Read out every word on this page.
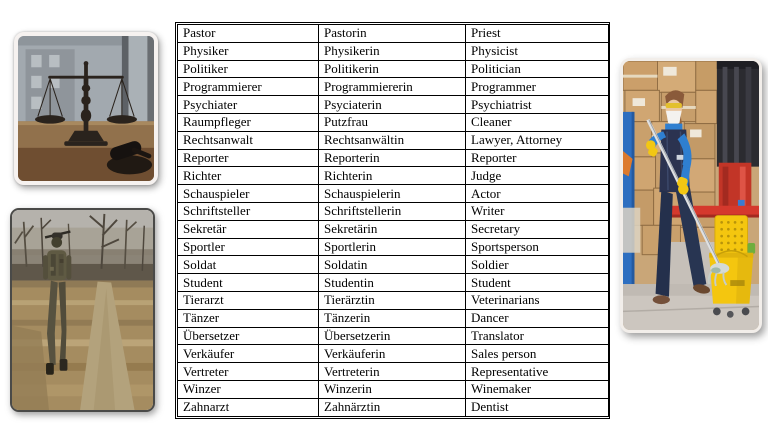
Pastor	Pastorin	Priest
Physiker	Physikerin	Physicist
Politiker	Politikerin	Politician
Programmierer	Programmiererin	Programmer
Psychiater	Psyciaterin	Psychiatrist
Raumpfleger	Putzfrau	Cleaner
Rechtsanwalt	Rechtsanwältin	Lawyer, Attorney
Reporter	Reporterin	Reporter
Richter	Richterin	Judge
Schauspieler	Schauspielerin	Actor
Schriftsteller	Schriftstellerin	Writer
Sekretär	Sekretärin	Secretary
Sportler	Sportlerin	Sportsperson
Soldat	Soldatin	Soldier
Student	Studentin	Student
Tierarzt	Tierärztin	Veterinarians
Tänzer	Tänzerin	Dancer
Übersetzer	Übersetzerin	Translator
Verkäufer	Verkäuferin	Sales person
Vertreter	Vertreterin	Representative
Winzer	Winzerin	Winemaker
Zahnarzt	Zahnärztin	Dentist
